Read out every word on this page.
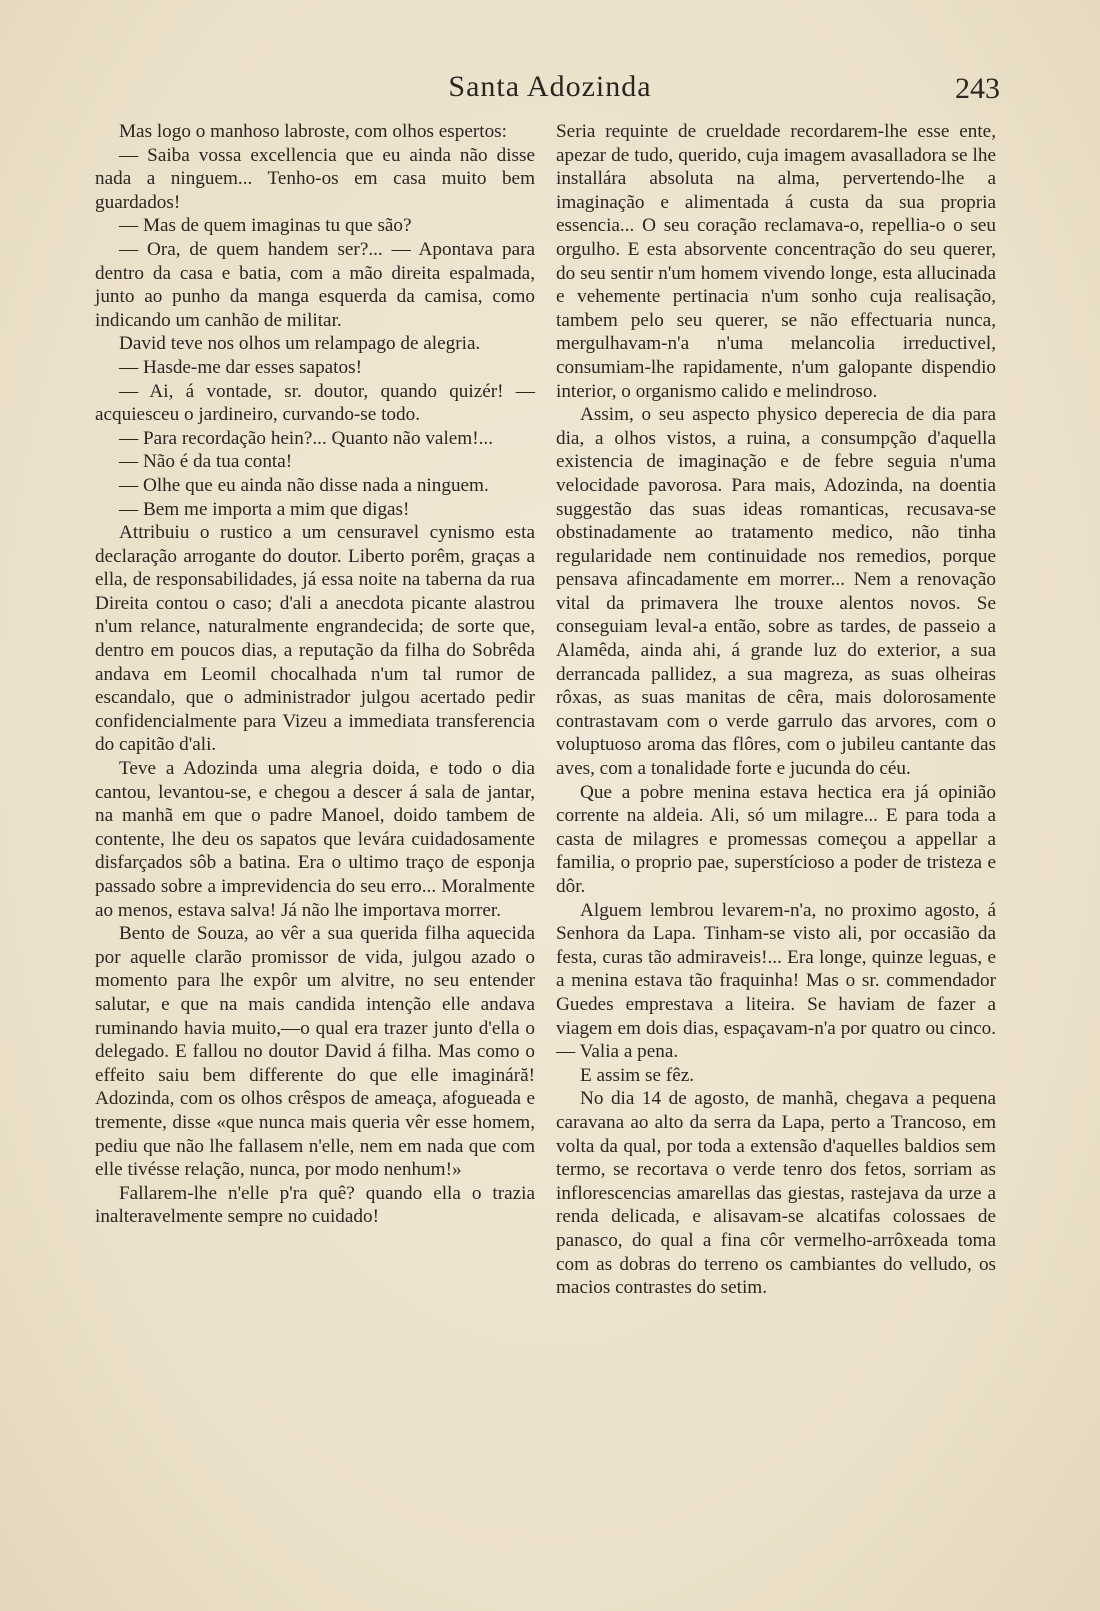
Santa Adozinda	243

Mas logo o manhoso labroste, com olhos espertos:

— Saiba vossa excellencia que eu ainda não disse nada a ninguem... Tenho-os em casa muito bem guardados!

— Mas de quem imaginas tu que são?

— Ora, de quem handem ser?... — Apontava para dentro da casa e batia, com a mão direita espalmada, junto ao punho da manga esquerda da camisa, como indicando um canhão de militar.

David teve nos olhos um relampago de alegria.

— Hasde-me dar esses sapatos!

— Ai, á vontade, sr. doutor, quando quizér! — acquiesceu o jardineiro, curvando-se todo.

— Para recordação hein?... Quanto não valem!...

— Não é da tua conta!

— Olhe que eu ainda não disse nada a ninguem.

— Bem me importa a mim que digas!

Attribuiu o rustico a um censuravel cynismo esta declaração arrogante do doutor. Liberto porêm, graças a ella, de responsabilidades, já essa noite na taberna da rua Direita contou o caso; d'ali a anecdota picante alastrou n'um relance, naturalmente engrandecida; de sorte que, dentro em poucos dias, a reputação da filha do Sobrêda andava em Leomil chocalhada n'um tal rumor de escandalo, que o administrador julgou acertado pedir confidencialmente para Vizeu a immediata transferencia do capitão d'ali.

Teve a Adozinda uma alegria doida, e todo o dia cantou, levantou-se, e chegou a descer á sala de jantar, na manhã em que o padre Manoel, doido tambem de contente, lhe deu os sapatos que levára cuidadosamente disfarçados sôb a batina. Era o ultimo traço de esponja passado sobre a imprevidencia do seu erro... Moralmente ao menos, estava salva! Já não lhe importava morrer.

Bento de Souza, ao vêr a sua querida filha aquecida por aquelle clarão promissor de vida, julgou azado o momento para lhe expôr um alvitre, no seu entender salutar, e que na mais candida intenção elle andava ruminando havia muito,—o qual era trazer junto d'ella o delegado. E fallou no doutor David á filha. Mas como o effeito saiu bem differente do que elle imagináră! Adozinda, com os olhos crêspos de ameaça, afogueada e tremente, disse «que nunca mais queria vêr esse homem, pediu que não lhe fallasem n'elle, nem em nada que com elle tivésse relação, nunca, por modo nenhum!»

Fallarem-lhe n'elle p'ra quê? quando ella o trazia inalteravelmente sempre no cuidado!

Seria requinte de crueldade recordarem-lhe esse ente, apezar de tudo, querido, cuja imagem avasalladora se lhe installára absoluta na alma, pervertendo-lhe a imaginação e alimentada á custa da sua propria essencia... O seu coração reclamava-o, repellia-o o seu orgulho. E esta absorvente concentração do seu querer, do seu sentir n'um homem vivendo longe, esta allucinada e vehemente pertinacia n'um sonho cuja realisação, tambem pelo seu querer, se não effectuaria nunca, mergulhavam-n'a n'uma melancolia irreductivel, consumiam-lhe rapidamente, n'um galopante dispendio interior, o organismo calido e melindroso.

Assim, o seu aspecto physico deperecia de dia para dia, a olhos vistos, a ruina, a consumpção d'aquella existencia de imaginação e de febre seguia n'uma velocidade pavorosa. Para mais, Adozinda, na doentia suggestão das suas ideas romanticas, recusava-se obstinadamente ao tratamento medico, não tinha regularidade nem continuidade nos remedios, porque pensava afincadamente em morrer... Nem a renovação vital da primavera lhe trouxe alentos novos. Se conseguiam leval-a então, sobre as tardes, de passeio a Alamêda, ainda ahi, á grande luz do exterior, a sua derrancada pallidez, a sua magreza, as suas olheiras rôxas, as suas manitas de cêra, mais dolorosamente contrastavam com o verde garrulo das arvores, com o voluptuoso aroma das flôres, com o jubileu cantante das aves, com a tonalidade forte e jucunda do céu.

Que a pobre menina estava hectica era já opinião corrente na aldeia. Ali, só um milagre... E para toda a casta de milagres e promessas começou a appellar a familia, o proprio pae, superstícioso a poder de tristeza e dôr.

Alguem lembrou levarem-n'a, no proximo agosto, á Senhora da Lapa. Tinham-se visto ali, por occasião da festa, curas tão admiraveis!... Era longe, quinze leguas, e a menina estava tão fraquinha! Mas o sr. commendador Guedes emprestava a liteira. Se haviam de fazer a viagem em dois dias, espaçavam-n'a por quatro ou cinco. — Valia a pena.

E assim se fêz.

No dia 14 de agosto, de manhã, chegava a pequena caravana ao alto da serra da Lapa, perto a Trancoso, em volta da qual, por toda a extensão d'aquelles baldios sem termo, se recortava o verde tenro dos fetos, sorriam as inflorescencias amarellas das giestas, rastejava da urze a renda delicada, e alisavam-se alcatifas colossaes de panasco, do qual a fina côr vermelho-arrôxeada toma com as dobras do terreno os cambiantes do velludo, os macios contrastes do setim.
